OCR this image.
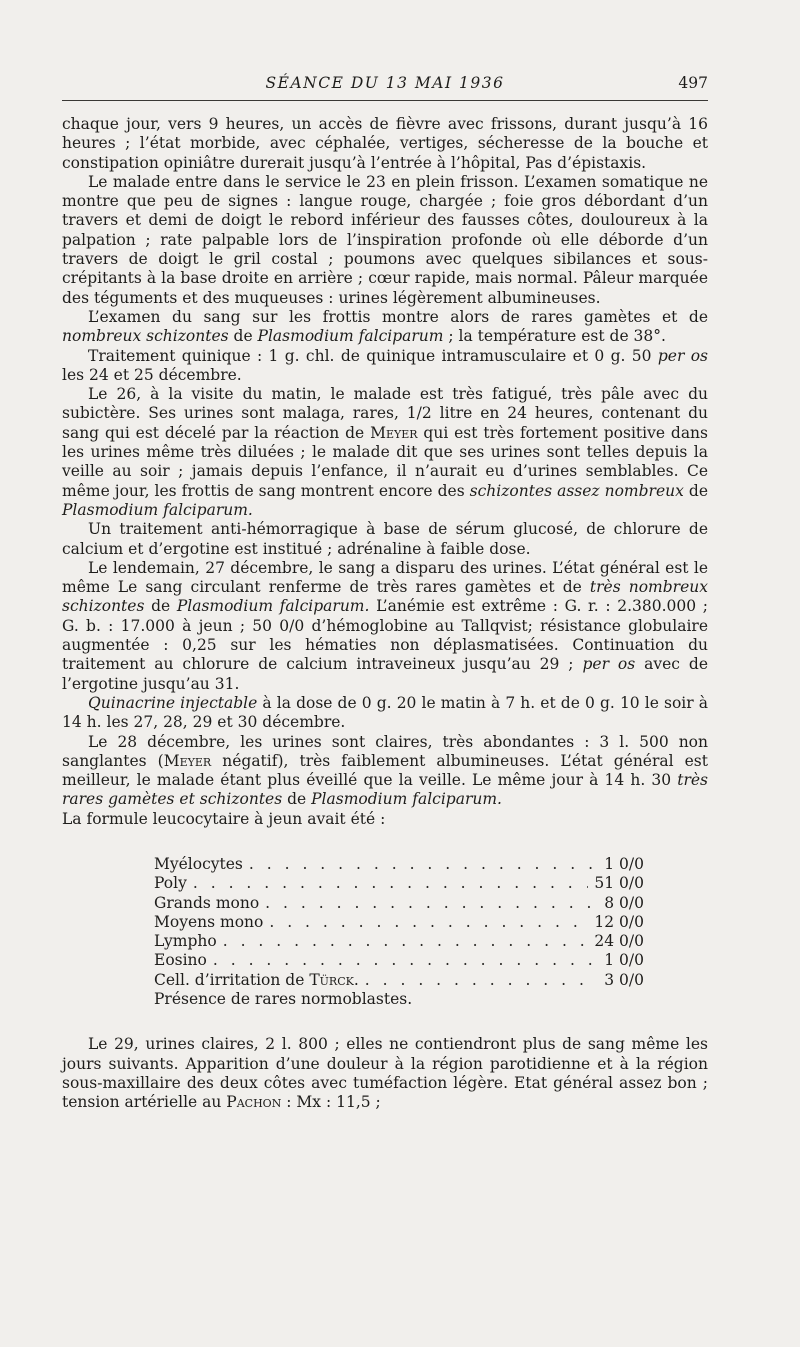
SÉANCE DU 13 MAI 1936	497

chaque jour, vers 9 heures, un accès de fièvre avec frissons, durant jusqu’à 16 heures ; l’état morbide, avec céphalée, vertiges, sécheresse de la bouche et constipation opiniâtre durerait jusqu’à l’entrée à l’hôpital, Pas d’épistaxis.

Le malade entre dans le service le 23 en plein frisson. L’examen somatique ne montre que peu de signes : langue rouge, chargée ; foie gros débordant d’un travers et demi de doigt le rebord inférieur des fausses côtes, douloureux à la palpation ; rate palpable lors de l’inspiration profonde où elle déborde d’un travers de doigt le gril costal ; poumons avec quelques sibilances et sous-crépitants à la base droite en arrière ; cœur rapide, mais normal. Pâleur marquée des téguments et des muqueuses : urines légèrement albumineuses.

L’examen du sang sur les frottis montre alors de rares gamètes et de nombreux schizontes de Plasmodium falciparum ; la température est de 38°.

Traitement quinique : 1 g. chl. de quinique intramusculaire et 0 g. 50 per os les 24 et 25 décembre.

Le 26, à la visite du matin, le malade est très fatigué, très pâle avec du subictère. Ses urines sont malaga, rares, 1/2 litre en 24 heures, contenant du sang qui est décelé par la réaction de Meyer qui est très fortement positive dans les urines même très diluées ; le malade dit que ses urines sont telles depuis la veille au soir ; jamais depuis l’enfance, il n’aurait eu d’urines semblables. Ce même jour, les frottis de sang montrent encore des schizontes assez nombreux de Plasmodium falciparum.

Un traitement anti-hémorragique à base de sérum glucosé, de chlorure de calcium et d’ergotine est institué ; adrénaline à faible dose.

Le lendemain, 27 décembre, le sang a disparu des urines. L’état général est le même Le sang circulant renferme de très rares gamètes et de très nombreux schizontes de Plasmodium falciparum. L’anémie est extrême : G. r. : 2.380.000 ; G. b. : 17.000 à jeun ; 50 0/0 d’hémoglobine au Tallqvist; résistance globulaire augmentée : 0,25 sur les hématies non déplasmatisées. Continuation du traitement au chlorure de calcium intraveineux jusqu’au 29 ; per os avec de l’ergotine jusqu’au 31.

Quinacrine injectable à la dose de 0 g. 20 le matin à 7 h. et de 0 g. 10 le soir à 14 h. les 27, 28, 29 et 30 décembre.

Le 28 décembre, les urines sont claires, très abondantes : 3 l. 500 non sanglantes (Meyer négatif), très faiblement albumineuses. L’état général est meilleur, le malade étant plus éveillé que la veille. Le même jour à 14 h. 30 très rares gamètes et schizontes de Plasmodium falciparum.

La formule leucocytaire à jeun avait été :

Myélocytes . . .	1 0/0
Poly . . .	51 0/0
Grands mono . . .	8 0/0
Moyens mono . . .	12 0/0
Lympho . . .	24 0/0
Eosino . . .	1 0/0
Cell. d’irritation de Türck. . . .	3 0/0

Présence de rares normoblastes.

Le 29, urines claires, 2 l. 800 ; elles ne contiendront plus de sang même les jours suivants. Apparition d’une douleur à la région parotidienne et à la région sous-maxillaire des deux côtes avec tuméfaction légère. Etat général assez bon ; tension artérielle au Pachon : Mx : 11,5 ;
